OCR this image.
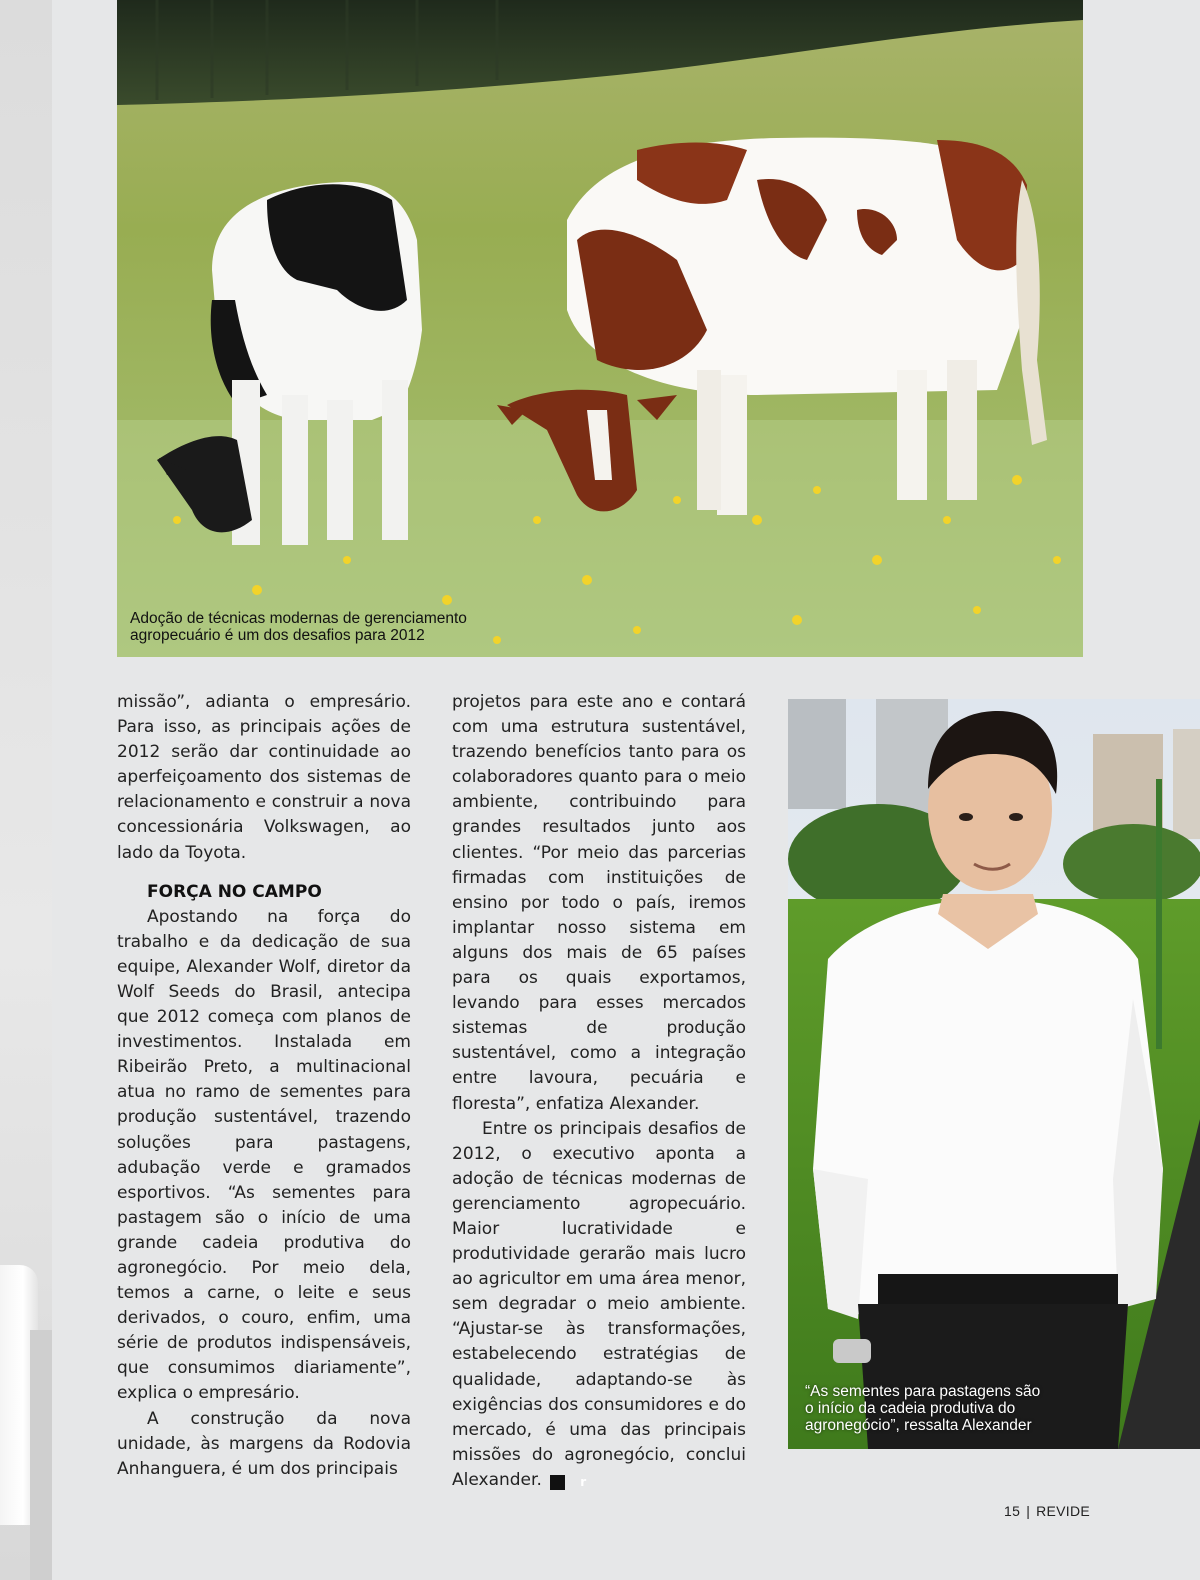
Adoção de técnicas modernas de gerenciamento
agropecuário é um dos desafios para 2012

missão”, adianta o empresário. Para isso, as principais ações de 2012 serão dar continuidade ao aperfeiçoamento dos sistemas de relacionamento e construir a nova concessionária Volkswagen, ao lado da Toyota.

FORÇA NO CAMPO

Apostando na força do trabalho e da dedicação de sua equipe, Alexander Wolf, diretor da Wolf Seeds do Brasil, antecipa que 2012 começa com planos de investimentos. Instalada em Ribeirão Preto, a multinacional atua no ramo de sementes para produção sustentável, trazendo soluções para pastagens, adubação verde e gramados esportivos. “As sementes para pastagem são o início de uma grande cadeia produtiva do agronegócio. Por meio dela, temos a carne, o leite e seus derivados, o couro, enfim, uma série de produtos indispensáveis, que consumimos diariamente”, explica o empresário.

A construção da nova unidade, às margens da Rodovia Anhanguera, é um dos principais

projetos para este ano e contará com uma estrutura sustentável, trazendo benefícios tanto para os colaboradores quanto para o meio ambiente, contribuindo para grandes resultados junto aos clientes. “Por meio das parcerias firmadas com instituições de ensino por todo o país, iremos implantar nosso sistema em alguns dos mais de 65 países para os quais exportamos, levando para esses mercados sistemas de produção sustentável, como a integração entre lavoura, pecuária e floresta”, enfatiza Alexander.

Entre os principais desafios de 2012, o executivo aponta a adoção de técnicas modernas de gerenciamento agropecuário. Maior lucratividade e produtividade gerarão mais lucro ao agricultor em uma área menor, sem degradar o meio ambiente. “Ajustar-se às transformações, estabelecendo estratégias de qualidade, adaptando-se às exigências dos consumidores e do mercado, é uma das principais missões do agronegócio, conclui Alexander.	r

“As sementes para pastagens são
o início da cadeia produtiva do
agronegócio”, ressalta Alexander
15 | REVIDE
